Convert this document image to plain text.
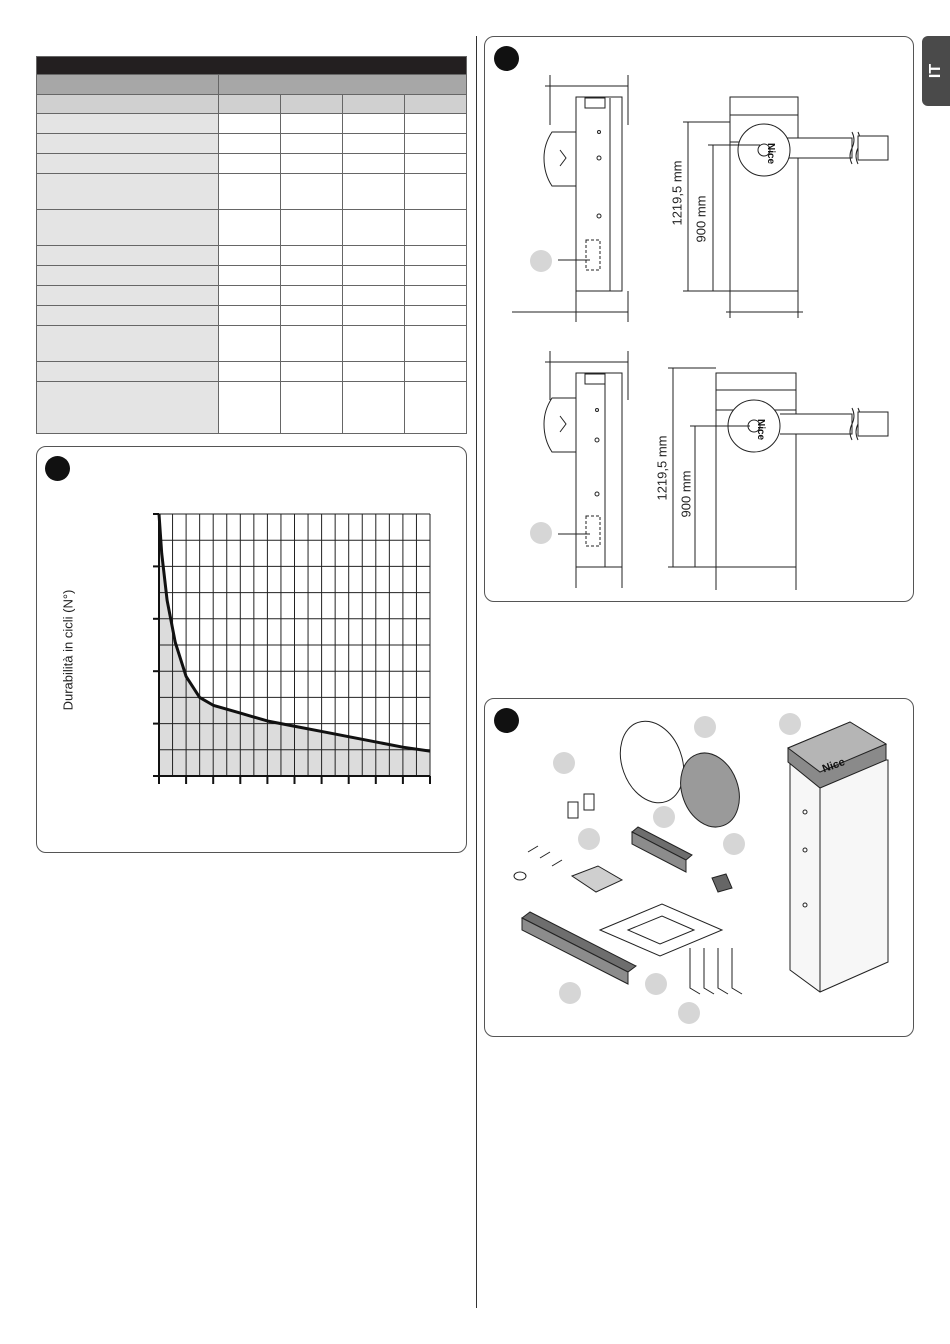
IT

Durabilità in cicli (N°)
Nice
1219,5 mm 900 mm
Nice
1219,5 mm 900 mm
Nice
